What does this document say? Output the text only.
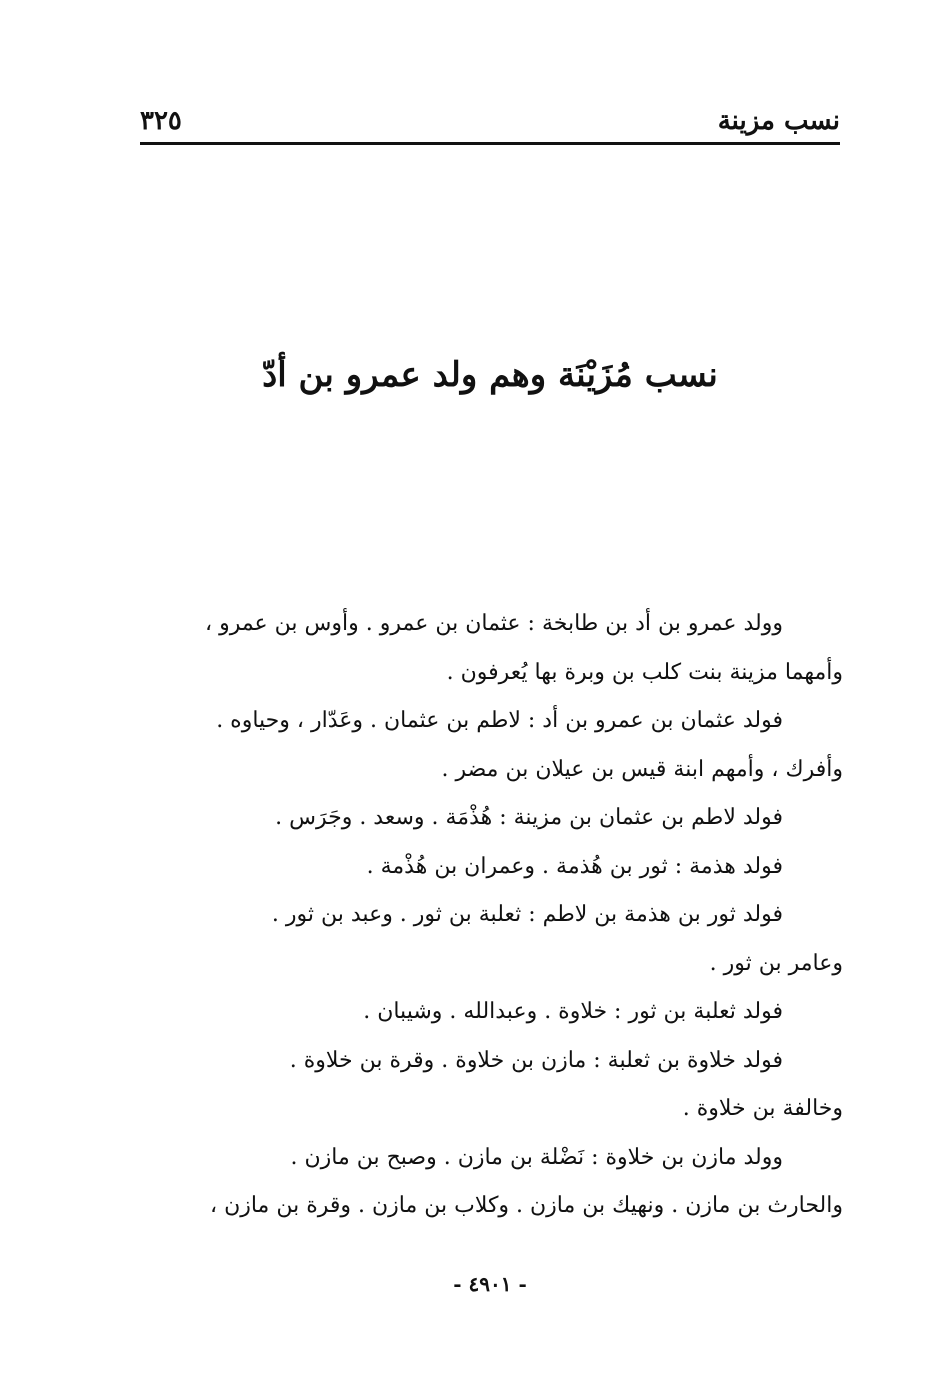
نسب مزينة
٣٢٥
نسب مُزَيْنَة وهم ولد عمرو بن أدّ
وولد عمرو بن أد بن طابخة : عثمان بن عمرو . وأوس بن عمرو ،
وأمهما مزينة بنت كلب بن وبرة بها يُعرفون .
فولد عثمان بن عمرو بن أد : لاطم بن عثمان . وعَدّار ، وحياوه .
وأفرك ، وأمهم ابنة قيس بن عيلان بن مضر .
فولد لاطم بن عثمان بن مزينة : هُذْمَة . وسعد . وجَرَس .
فولد هذمة : ثور بن هُذمة . وعمران بن هُذْمة .
فولد ثور بن هذمة بن لاطم : ثعلبة بن ثور . وعبد بن ثور .
وعامر بن ثور .
فولد ثعلبة بن ثور : خلاوة . وعبدالله . وشيبان .
فولد خلاوة بن ثعلبة : مازن بن خلاوة . وقرة بن خلاوة .
وخالفة بن خلاوة .
وولد مازن بن خلاوة : نَضْلة بن مازن . وصبح بن مازن .
والحارث بن مازن . ونهيك بن مازن . وكلاب بن مازن . وقرة بن مازن ،
- ٤٩٠١ -
